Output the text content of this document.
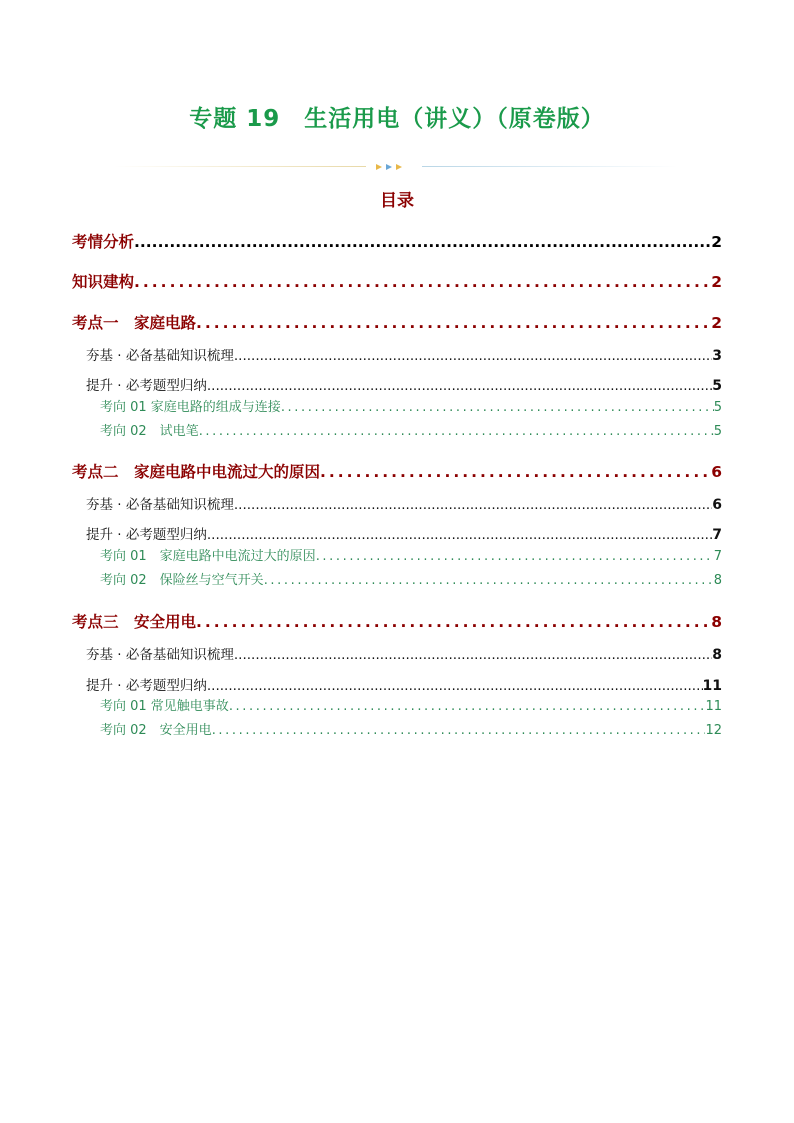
专题 19　生活用电（讲义）（原卷版）
目录
考情分析 .....	2
知识建构 .....	2
考点一　家庭电路 .....	2
夯基 · 必备基础知识梳理 .....	3
提升 · 必考题型归纳 .....	5
考向 01 家庭电路的组成与连接 .....	5
考向 02　试电笔 .....	5
考点二　家庭电路中电流过大的原因 .....	6
夯基 · 必备基础知识梳理 .....	6
提升 · 必考题型归纳 .....	7
考向 01　家庭电路中电流过大的原因 .....	7
考向 02　保险丝与空气开关 .....	8
考点三　安全用电 .....	8
夯基 · 必备基础知识梳理 .....	8
提升 · 必考题型归纳 .....	11
考向 01 常见触电事故 .....	11
考向 02　安全用电 .....	12
